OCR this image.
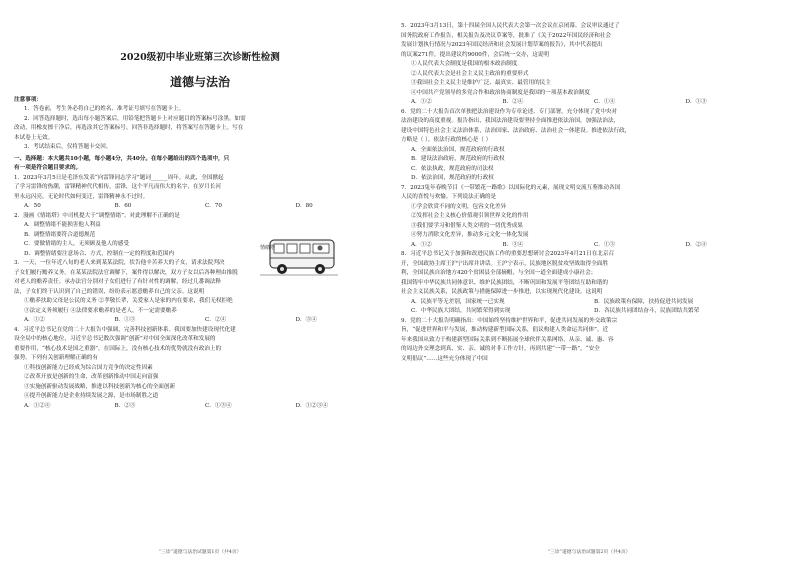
2020级初中毕业班第三次诊断性检测

道德与法治

注意事项：

1．答卷前，考生务必将自己的姓名、准考证号填写在答题卡上。

2．回答选择题时，选出每小题答案后，用铅笔把答题卡上对应题目的答案标号涂黑。如需

改动，用橡皮擦干净后，再选涂其它答案标号。回答非选择题时，将答案写在答题卡上。写在

本试卷上无效。

3．考试结束后，仅将答题卡交回。

一、选择题：本大题共10小题，每小题4分，共40分。在每小题给出的四个选项中，只

有一项是符合题目要求的。

1．2023年3月5日是毛泽东发表“向雷锋同志学习”题词______周年。从此，全国掀起

了学习雷锋的热潮，雷锋精神代代相传。雷锋，这个平凡而伟大的名字，在岁月长河

里永远闪亮。无论时代如何变迁，雷锋精神永不过时。

A．50	B．60	C．70	D．80

2．漫画《情绪塔》中司机提大于“调整情绪”。对此理解不正确的是

A．调整情绪不能损害他人利益

B．调整情绪要符合道德规范

C．要做情绪的主人，无须顾及他人的感受

D．调整情绪要注意场合、方式，控制在一定的程度和范围内

3．一天，一位年近八旬的老人来到某某法院，状告他辛苦养大的子女，请求法院判决

子女们履行赡养义务。在某某法院法官调解下，案件得以解决，双方子女以后各种理由推脱

对老人的赡养责任。承办法官分别对子女们进行了有针对性的调解，经过几番调法释

法，子女们终于认识到了自己的错误，纷纷表示愿意赡养自己的父亲。这说明

①赡养扶助父母是公民的义务 ②孝敬长辈，关爱家人是家的内在要求，我们无权拒绝

③法定义务须履行 ④法律要求赡养的是老人，不一定需要赡养

A．①②	B．①③	C．②④	D．③④

4．习近平总书记在党的二十大报告中强调，完善科技创新体系。我国要加快建设现代化建

设全局中的核心地位，习近平总书记数次强调“创新”对中国全面深化改革和发展的

重要作用，“核心技术是国之重器”，在国际上，没有核心技术的优势就没有政治上的

强势。下列有关创新理解正确的有

①科技创新能力已经成为综合国力竞争的决定性因素

②改革开放是创新的生命，改革创新推动中国走向富强

③实施创新驱动发展战略，推进以科技创新为核心的全面创新

④提升创新能力是企业持续发展之源，是市场制胜之道

A．①②④	B．②③	C．①③④	D．①②③④
“三诊”道德与法治试题第1页（共4页）
情绪塔

5．2023年3月13日，第十四届全国人民代表大会第一次会议在京闭幕。会议审议通过了

国务院政府工作报告，相关报告及决议草案等，批准了《关于2022年国民经济和社会

发展计划执行情况与2023年国民经济和社会发展计划草案的报告》，其中代表提出

的议案271件，提出建议约9000件，会后统一交办，这说明

①人民代表大会制度是我国的根本政治制度

②人民代表大会是社会主义民主政治的重要形式

③我国社会主义民主是维护广泛、最真实、最管用的民主

④中国共产党领导的多党合作和政治协商制度是我国的一项基本政治制度

A．①②	B．②④	C．①④	D．①③

6．党的二十大报告首次单独把法治建设作为专章论述、专门部署，充分体现了党中央对

法治建设的高度重视。报告指出，我国法治建设要坚持全面推进依法治国，加强法治法，

建设中国特色社会主义法治体系，法治国家、法治政府、法治社会一体建设。推进依法行政，

方略是（ ），依法行政的核心是（ ）

A．全面依法治国，规范政府的行政权

B．建设法治政府，规范政府的行政权

C．依法执政，规范政府的司法权

D．依法治国，规范政府的行政权

7．2023兔年春晚节目《一带繁花一路歌》以国际化的元素，展现文明交流互鉴推动各国

人民的喜悦与欢愉。下列说法正确的是

①学会欣赏不同的文明，包容文化差异

②发挥社会主义核心价值观引领世界文化的作用

③我们要学习和借鉴人类文明的一切优秀成果

④努力消除文化差异，推动多元文化一体化发展

A．①②	B．③④	C．①③	D．②④

8．习近平总书记关于加强和改进民族工作的重要思想研讨会2023年4月21日在北京召

开，全国政协主席王沪宁出席并讲话。王沪宁表示，民族地区脱贫攻坚战取得全面胜

利，全国民族自治地方420个贫困县全部摘帽，与全国一道全面建成小康社会；

我国铸牢中华民族共同体意识、维护民族团结，不断巩固和发展平等团结互助和谐的

社会主义民族关系，民族政策与措施保障进一步推进，以实现现代化建设。这说明

A．民族平等无差别，国家统一已实现	B．民族政策有保障，扶持促进共同发展
C．中华民族大团结，共同繁荣得到实现	D．各民族共同团结奋斗，民族团结共繁荣

9．党的二十大报告明确指出：中国始终坚持维护世界和平，促进共同发展的外交政策宗

旨，“促进世界和平与发展，推动构建新型国际关系，倡议构建人类命运共同体”。近

年来我国从致力于构建新型国际关系到不断拓展全球伙伴关系网络，从亲、诚、惠、容

的周边外交理念到真、实、亲、诚的对非工作方针，再到共建“一带一路”，“安全

文明倡议”……这些充分体现了中国

“三诊”道德与法治试题第2页（共4页）
